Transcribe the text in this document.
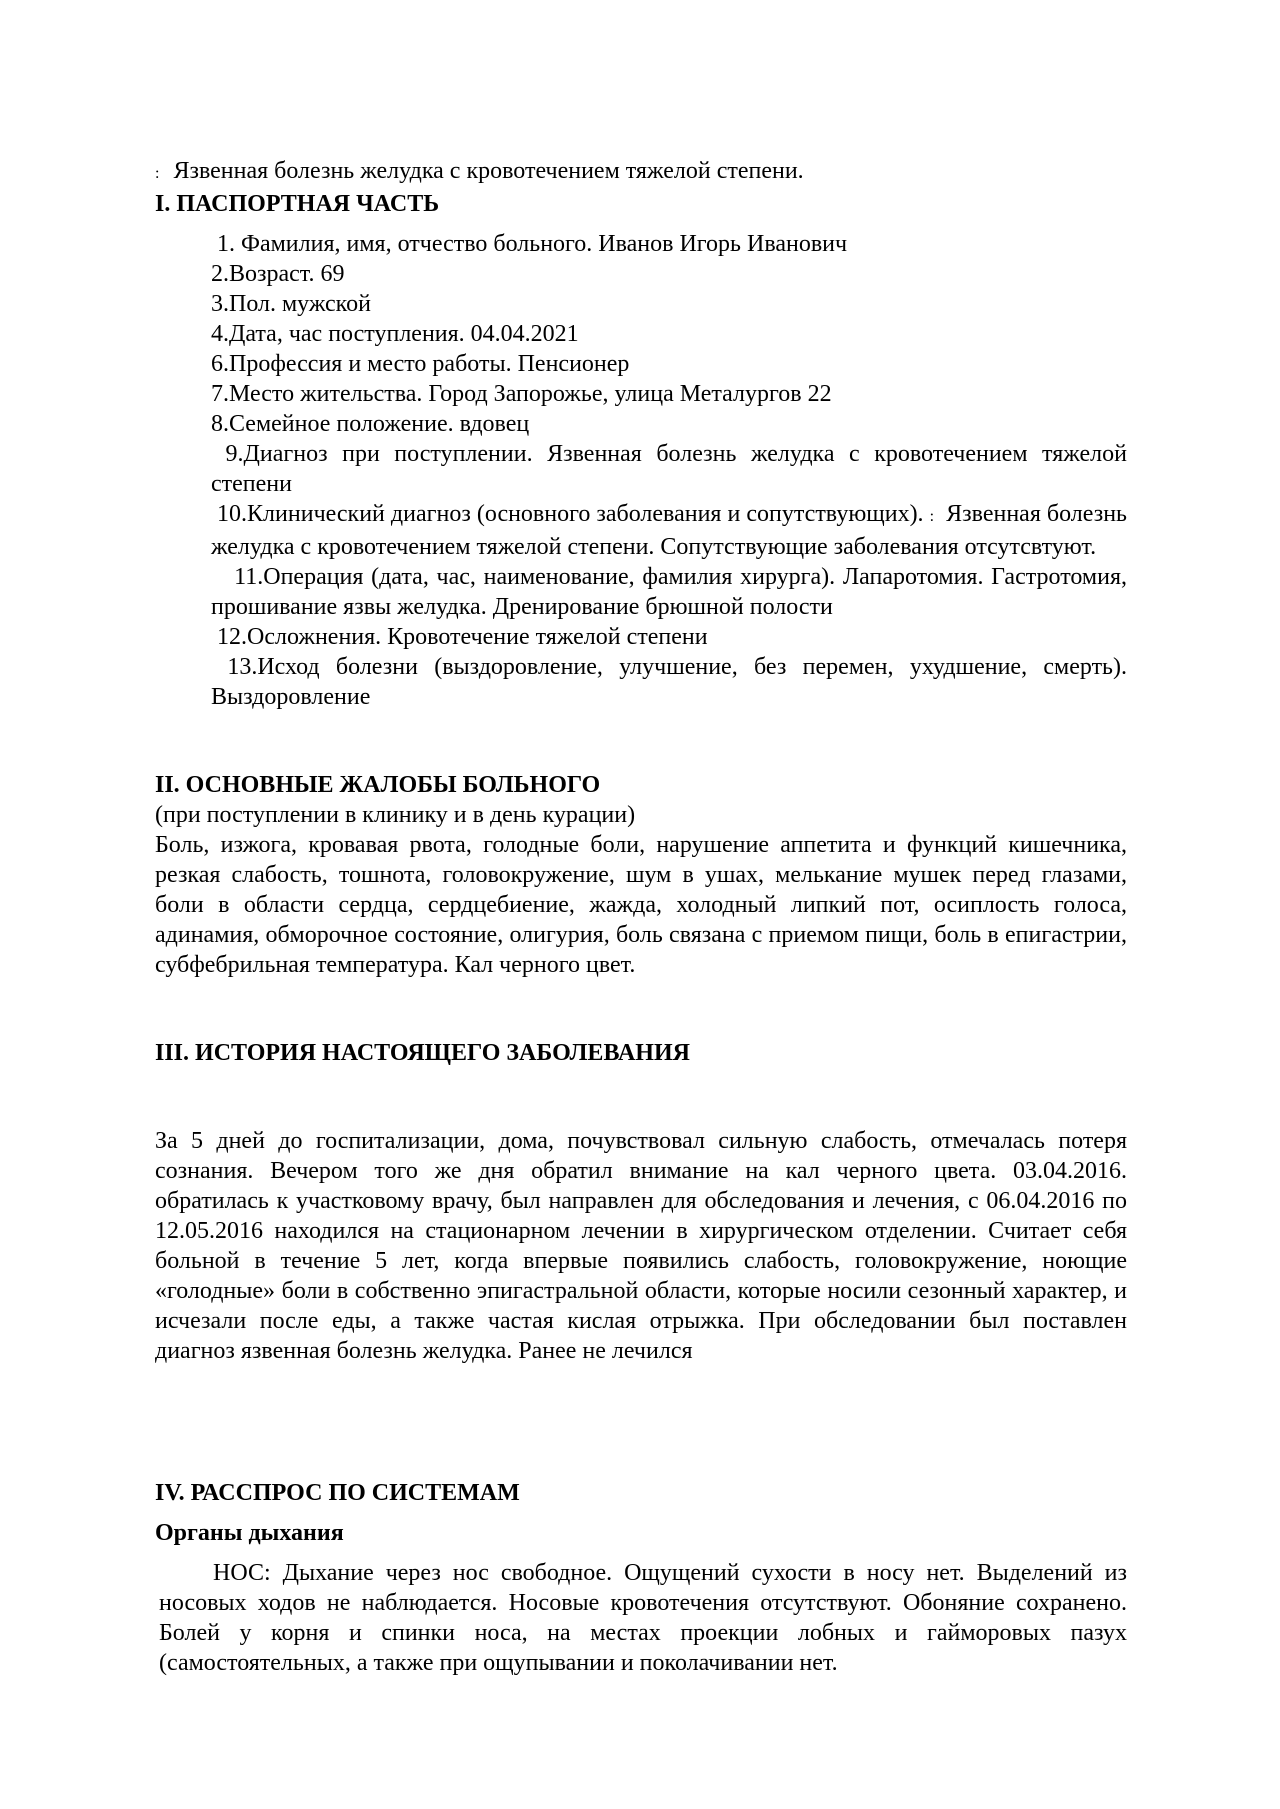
: Язвенная болезнь желудка с кровотечением тяжелой степени.

I. ПАСПОРТНАЯ ЧАСТЬ

1. Фамилия, имя, отчество больного. Иванов Игорь Иванович

2.Возраст. 69

3.Пол. мужской

4.Дата, час поступления. 04.04.2021

6.Профессия и место работы. Пенсионер

7.Место жительства. Город Запорожье, улица Металургов 22

8.Семейное положение. вдовец

9.Диагноз при поступлении. Язвенная болезнь желудка с кровотечением тяжелой степени

10.Клинический диагноз (основного заболевания и сопутствующих). :  Язвенная болезнь желудка с кровотечением тяжелой степени. Сопутствующие заболевания отсутсвтуют.

11.Операция (дата, час, наименование, фамилия хирурга). Лапаротомия. Гастротомия, прошивание язвы желудка. Дренирование брюшной полости

12.Осложнения. Кровотечение тяжелой степени

13.Исход болезни (выздоровление, улучшение, без перемен, ухудшение, смерть). Выздоровление

II. ОСНОВНЫЕ ЖАЛОБЫ БОЛЬНОГО

(при поступлении в клинику и в день курации)

Боль, изжога, кровавая рвота, голодные боли, нарушение аппетита и функций кишечника, резкая слабость, тошнота, головокружение, шум в ушах, мелькание мушек перед глазами, боли в области сердца, сердцебиение, жажда, холодный липкий пот, осиплость голоса, адинамия, обморочное состояние, олигурия, боль связана с приемом пищи, боль в епигастрии, субфебрильная температура. Кал черного цвет.

III. ИСТОРИЯ НАСТОЯЩЕГО ЗАБОЛЕВАНИЯ

За 5 дней до госпитализации, дома, почувствовал сильную слабость, отмечалась потеря сознания. Вечером того же дня обратил внимание на кал черного цвета. 03.04.2016. обратилась к участковому врачу, был направлен для обследования и лечения, с 06.04.2016 по 12.05.2016 находился на стационарном лечении в хирургическом отделении. Считает себя больной в течение 5 лет, когда впервые появились слабость, головокружение, ноющие «голодные» боли в собственно эпигастральной области, которые носили сезонный характер, и исчезали после еды, а также частая кислая отрыжка. При обследовании был поставлен диагноз язвенная болезнь желудка. Ранее не лечился

IV. РАССПРОС ПО СИСТЕМАМ

Органы дыхания

НОС: Дыхание через нос свободное. Ощущений сухости в носу нет. Выделений из носовых ходов не наблюдается. Носовые кровотечения отсутствуют. Обоняние сохранено. Болей у корня и спинки носа, на местах проекции лобных и гайморовых пазух (самостоятельных, а также при ощупывании и поколачивании нет.
